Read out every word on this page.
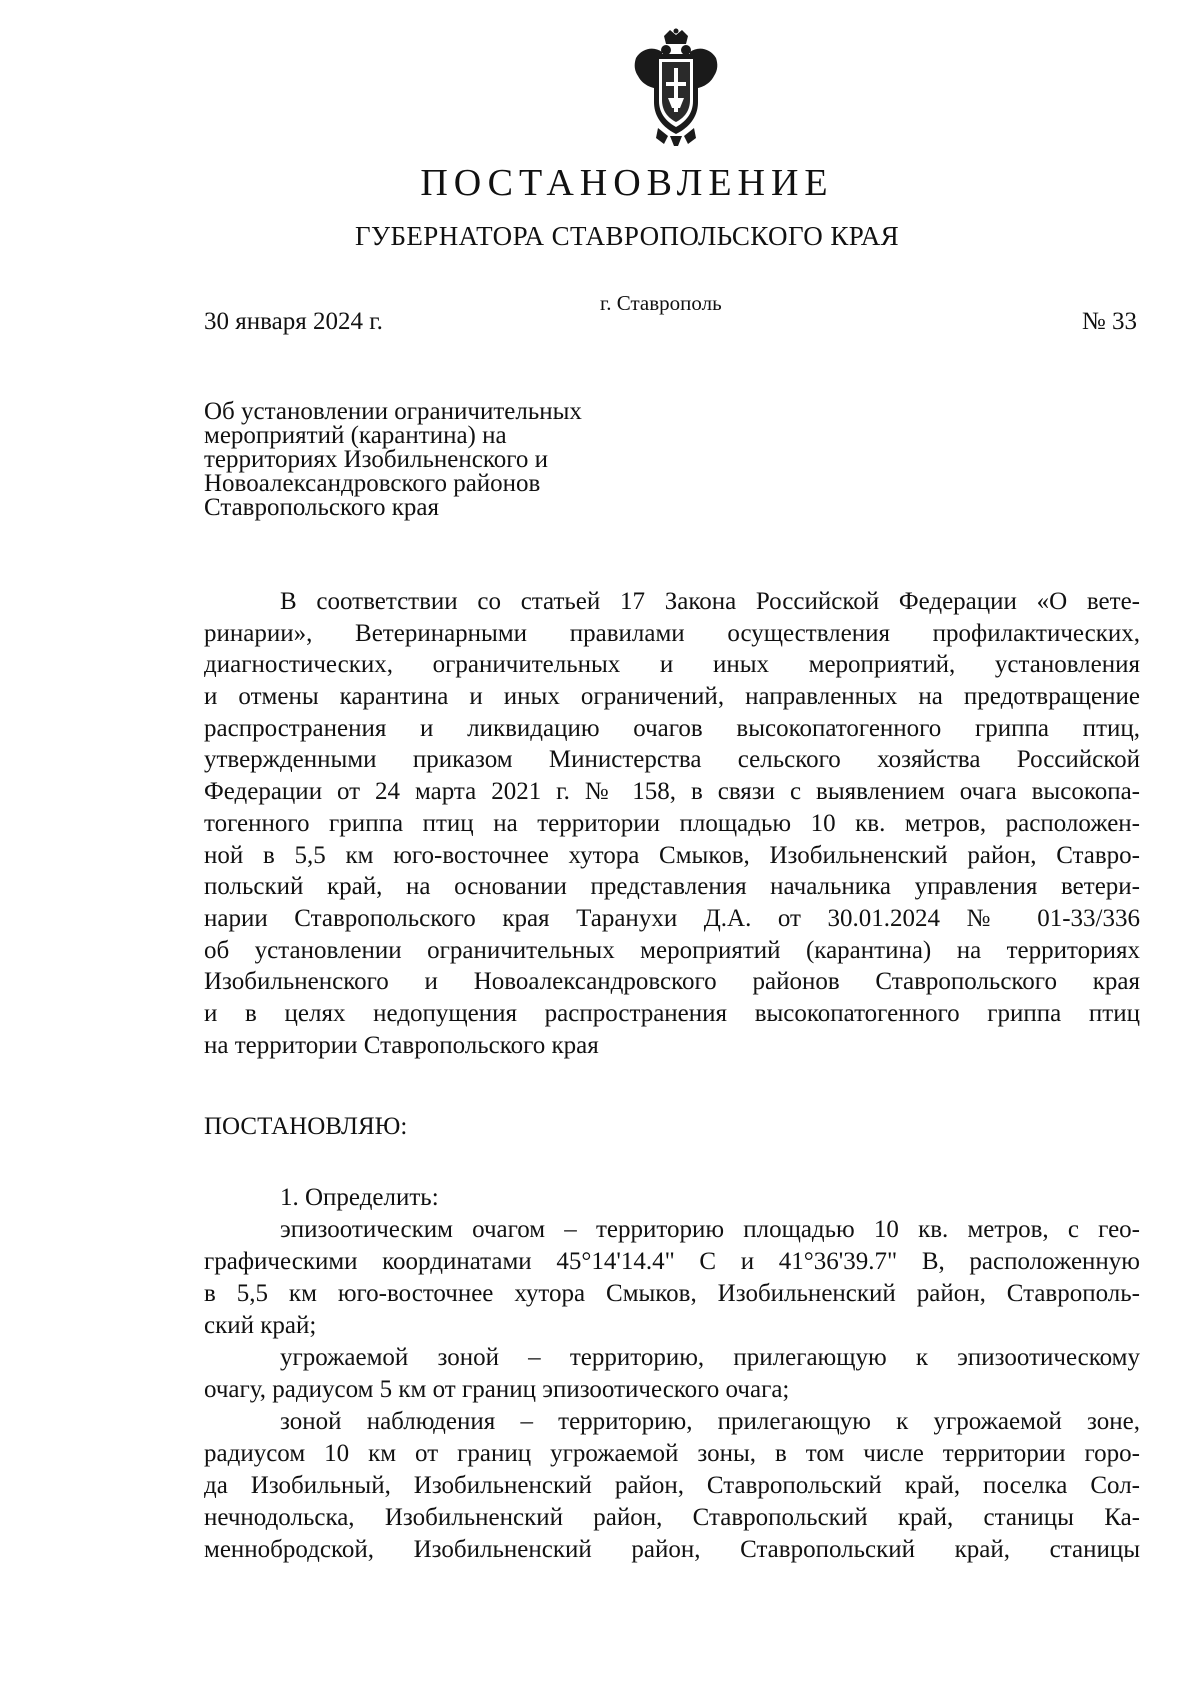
ПОСТАНОВЛЕНИЕ
ГУБЕРНАТОРА СТАВРОПОЛЬСКОГО КРАЯ
г. Ставрополь
30 января 2024 г.	№ 33
Об установлении ограничительных
мероприятий (карантина) на
территориях Изобильненского и
Новоалександровского районов
Ставропольского края
В соответствии со статьей 17 Закона Российской Федерации «О вете-
ринарии», Ветеринарными правилами осуществления профилактических,
диагностических, ограничительных и иных мероприятий, установления
и отмены карантина и иных ограничений, направленных на предотвращение
распространения и ликвидацию очагов высокопатогенного гриппа птиц,
утвержденными приказом Министерства сельского хозяйства Российской
Федерации от 24 марта 2021 г. № 158, в связи с выявлением очага высокопа-
тогенного гриппа птиц на территории площадью 10 кв. метров, расположен-
ной в 5,5 км юго-восточнее хутора Смыков, Изобильненский район, Ставро-
польский край, на основании представления начальника управления ветери-
нарии Ставропольского края Таранухи Д.А. от 30.01.2024 № 01-33/336
об установлении ограничительных мероприятий (карантина) на территориях
Изобильненского и Новоалександровского районов Ставропольского края
и в целях недопущения распространения высокопатогенного гриппа птиц
на территории Ставропольского края
ПОСТАНОВЛЯЮ:
1. Определить:
эпизоотическим очагом – территорию площадью 10 кв. метров, с гео-
графическими координатами 45°14'14.4" С и 41°36'39.7" В, расположенную
в 5,5 км юго-восточнее хутора Смыков, Изобильненский район, Ставрополь-
ский край;
угрожаемой зоной – территорию, прилегающую к эпизоотическому
очагу, радиусом 5 км от границ эпизоотического очага;
зоной наблюдения – территорию, прилегающую к угрожаемой зоне,
радиусом 10 км от границ угрожаемой зоны, в том числе территории горо-
да Изобильный, Изобильненский район, Ставропольский край, поселка Сол-
нечнодольска, Изобильненский район, Ставропольский край, станицы Ка-
меннобродской, Изобильненский район, Ставропольский край, станицы
